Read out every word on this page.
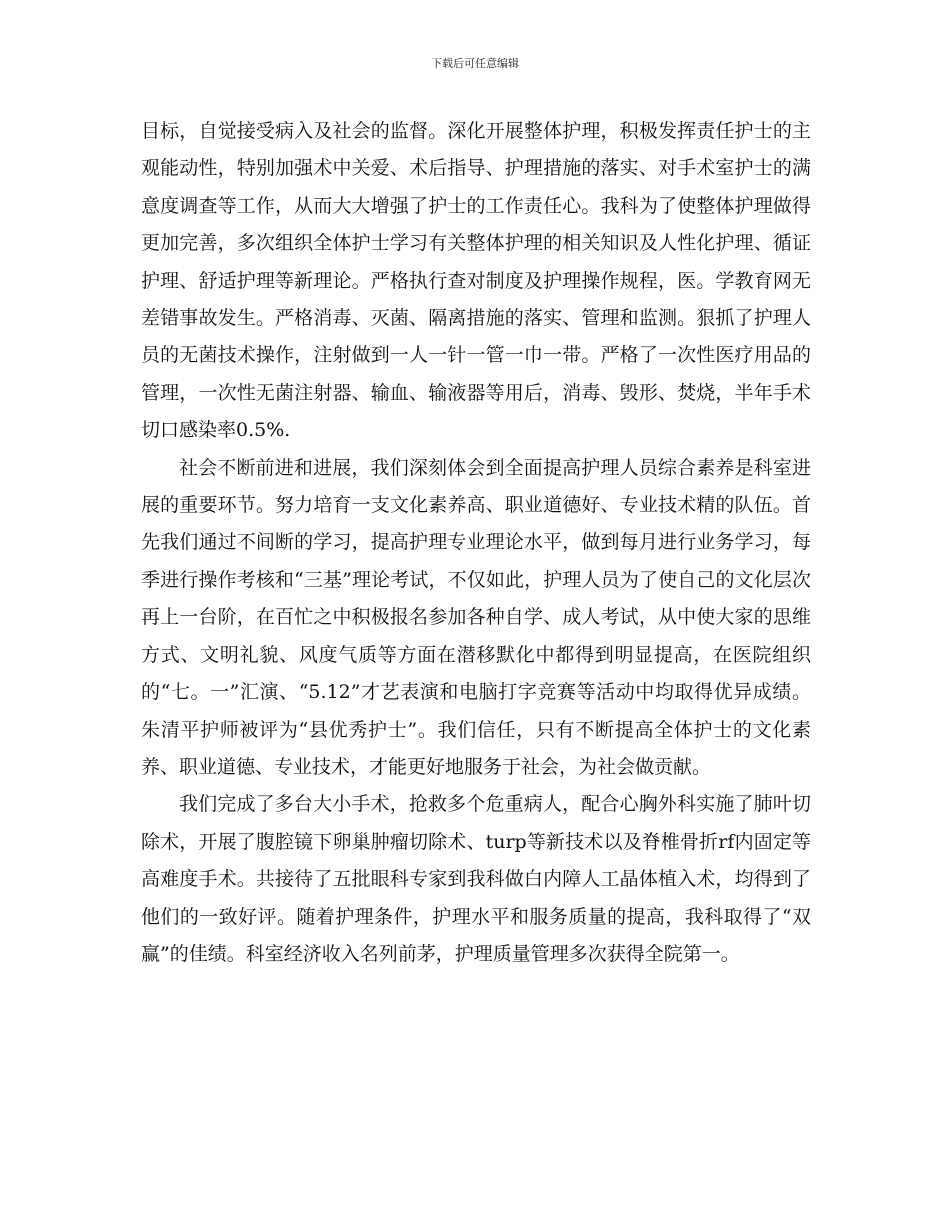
下载后可任意编辑

目标，自觉接受病入及社会的监督。深化开展整体护理，积极发挥责任护士的主观能动性，特别加强术中关爱、术后指导、护理措施的落实、对手术室护士的满意度调查等工作，从而大大增强了护士的工作责任心。我科为了使整体护理做得更加完善，多次组织全体护士学习有关整体护理的相关知识及人性化护理、循证护理、舒适护理等新理论。严格执行查对制度及护理操作规程，医。学教育网无差错事故发生。严格消毒、灭菌、隔离措施的落实、管理和监测。狠抓了护理人员的无菌技术操作，注射做到一人一针一管一巾一带。严格了一次性医疗用品的管理，一次性无菌注射器、输血、输液器等用后，消毒、毁形、焚烧，半年手术切口感染率0.5%.

社会不断前进和进展，我们深刻体会到全面提高护理人员综合素养是科室进展的重要环节。努力培育一支文化素养高、职业道德好、专业技术精的队伍。首先我们通过不间断的学习，提高护理专业理论水平，做到每月进行业务学习，每季进行操作考核和“三基”理论考试，不仅如此，护理人员为了使自己的文化层次再上一台阶，在百忙之中积极报名参加各种自学、成人考试，从中使大家的思维方式、文明礼貌、风度气质等方面在潜移默化中都得到明显提高，在医院组织的“七。一”汇演、“5.12”才艺表演和电脑打字竞赛等活动中均取得优异成绩。朱清平护师被评为“县优秀护士”。我们信任，只有不断提高全体护士的文化素养、职业道德、专业技术，才能更好地服务于社会，为社会做贡献。

我们完成了多台大小手术，抢救多个危重病人，配合心胸外科实施了肺叶切除术，开展了腹腔镜下卵巢肿瘤切除术、turp等新技术以及脊椎骨折rf内固定等高难度手术。共接待了五批眼科专家到我科做白内障人工晶体植入术，均得到了他们的一致好评。随着护理条件，护理水平和服务质量的提高，我科取得了“双赢”的佳绩。科室经济收入名列前茅，护理质量管理多次获得全院第一。
